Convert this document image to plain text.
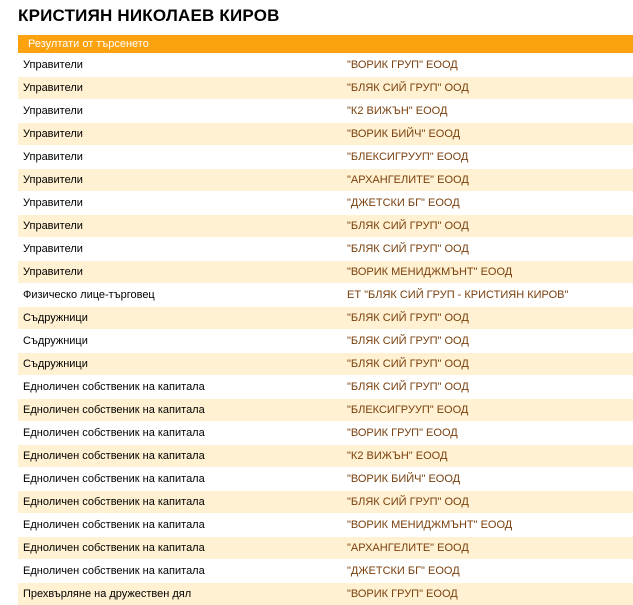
КРИСТИЯН НИКОЛАЕВ КИРОВ
Резултати от търсенето
Управители	"ВОРИК ГРУП" ЕООД
Управители	"БЛЯК СИЙ ГРУП" ООД
Управители	"К2 ВИЖЪН" ЕООД
Управители	"ВОРИК БИЙЧ" ЕООД
Управители	"БЛЕКСИГРУУП" ЕООД
Управители	"АРХАНГЕЛИТЕ" ЕООД
Управители	"ДЖЕТСКИ БГ" ЕООД
Управители	"БЛЯК СИЙ ГРУП" ООД
Управители	"БЛЯК СИЙ ГРУП" ООД
Управители	"ВОРИК МЕНИДЖМЪНТ" ЕООД
Физическо лице-търговец	ЕТ "БЛЯК СИЙ ГРУП - КРИСТИЯН КИРОВ"
Съдружници	"БЛЯК СИЙ ГРУП" ООД
Съдружници	"БЛЯК СИЙ ГРУП" ООД
Съдружници	"БЛЯК СИЙ ГРУП" ООД
Едноличен собственик на капитала	"БЛЯК СИЙ ГРУП" ООД
Едноличен собственик на капитала	"БЛЕКСИГРУУП" ЕООД
Едноличен собственик на капитала	"ВОРИК ГРУП" ЕООД
Едноличен собственик на капитала	"К2 ВИЖЪН" ЕООД
Едноличен собственик на капитала	"ВОРИК БИЙЧ" ЕООД
Едноличен собственик на капитала	"БЛЯК СИЙ ГРУП" ООД
Едноличен собственик на капитала	"ВОРИК МЕНИДЖМЪНТ" ЕООД
Едноличен собственик на капитала	"АРХАНГЕЛИТЕ" ЕООД
Едноличен собственик на капитала	"ДЖЕТСКИ БГ" ЕООД
Прехвърляне на дружествен дял	"ВОРИК ГРУП" ЕООД
